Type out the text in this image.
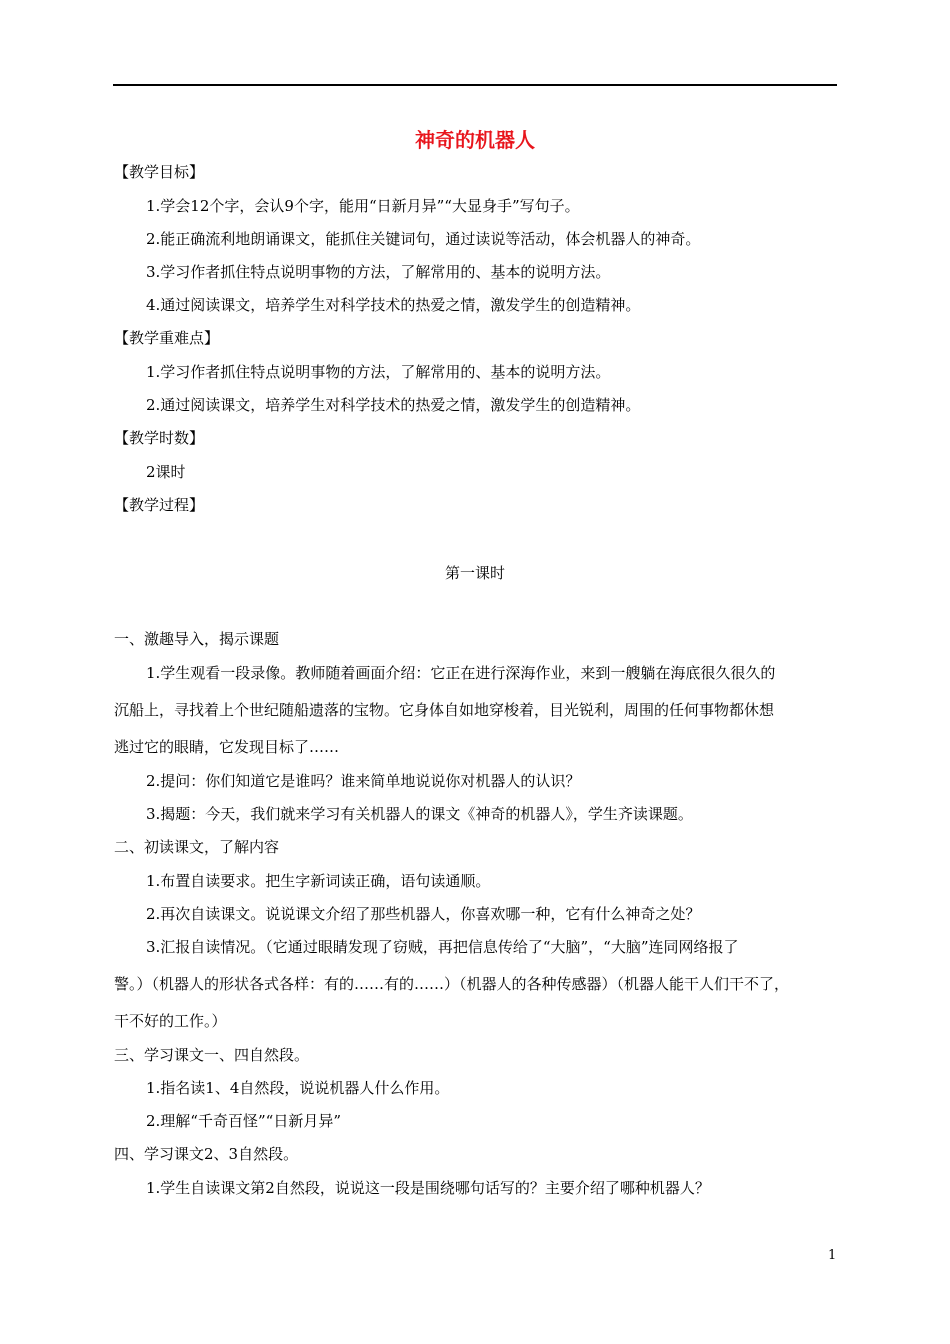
神奇的机器人
【教学目标】
1.学会12个字，会认9个字，能用“日新月异”“大显身手”写句子。
2.能正确流利地朗诵课文，能抓住关键词句，通过读说等活动，体会机器人的神奇。
3.学习作者抓住特点说明事物的方法，了解常用的、基本的说明方法。
4.通过阅读课文，培养学生对科学技术的热爱之情，激发学生的创造精神。
【教学重难点】
1.学习作者抓住特点说明事物的方法，了解常用的、基本的说明方法。
2.通过阅读课文，培养学生对科学技术的热爱之情，激发学生的创造精神。
【教学时数】
2课时
【教学过程】
第一课时
一、激趣导入，揭示课题
1.学生观看一段录像。教师随着画面介绍：它正在进行深海作业，来到一艘躺在海底很久很久的
沉船上，寻找着上个世纪随船遗落的宝物。它身体自如地穿梭着，目光锐利，周围的任何事物都休想
逃过它的眼睛，它发现目标了……
2.提问：你们知道它是谁吗？谁来简单地说说你对机器人的认识？
3.揭题：今天，我们就来学习有关机器人的课文《神奇的机器人》，学生齐读课题。
二、初读课文，了解内容
1.布置自读要求。把生字新词读正确，语句读通顺。
2.再次自读课文。说说课文介绍了那些机器人，你喜欢哪一种，它有什么神奇之处？
3.汇报自读情况。（它通过眼睛发现了窃贼，再把信息传给了“大脑”，“大脑”连同网络报了
警。）（机器人的形状各式各样：有的……有的……）（机器人的各种传感器）（机器人能干人们干不了，
干不好的工作。）
三、学习课文一、四自然段。
1.指名读1、4自然段，说说机器人什么作用。
2.理解“千奇百怪”“日新月异”
四、学习课文2、3自然段。
1.学生自读课文第2自然段，说说这一段是围绕哪句话写的？主要介绍了哪种机器人？
1
